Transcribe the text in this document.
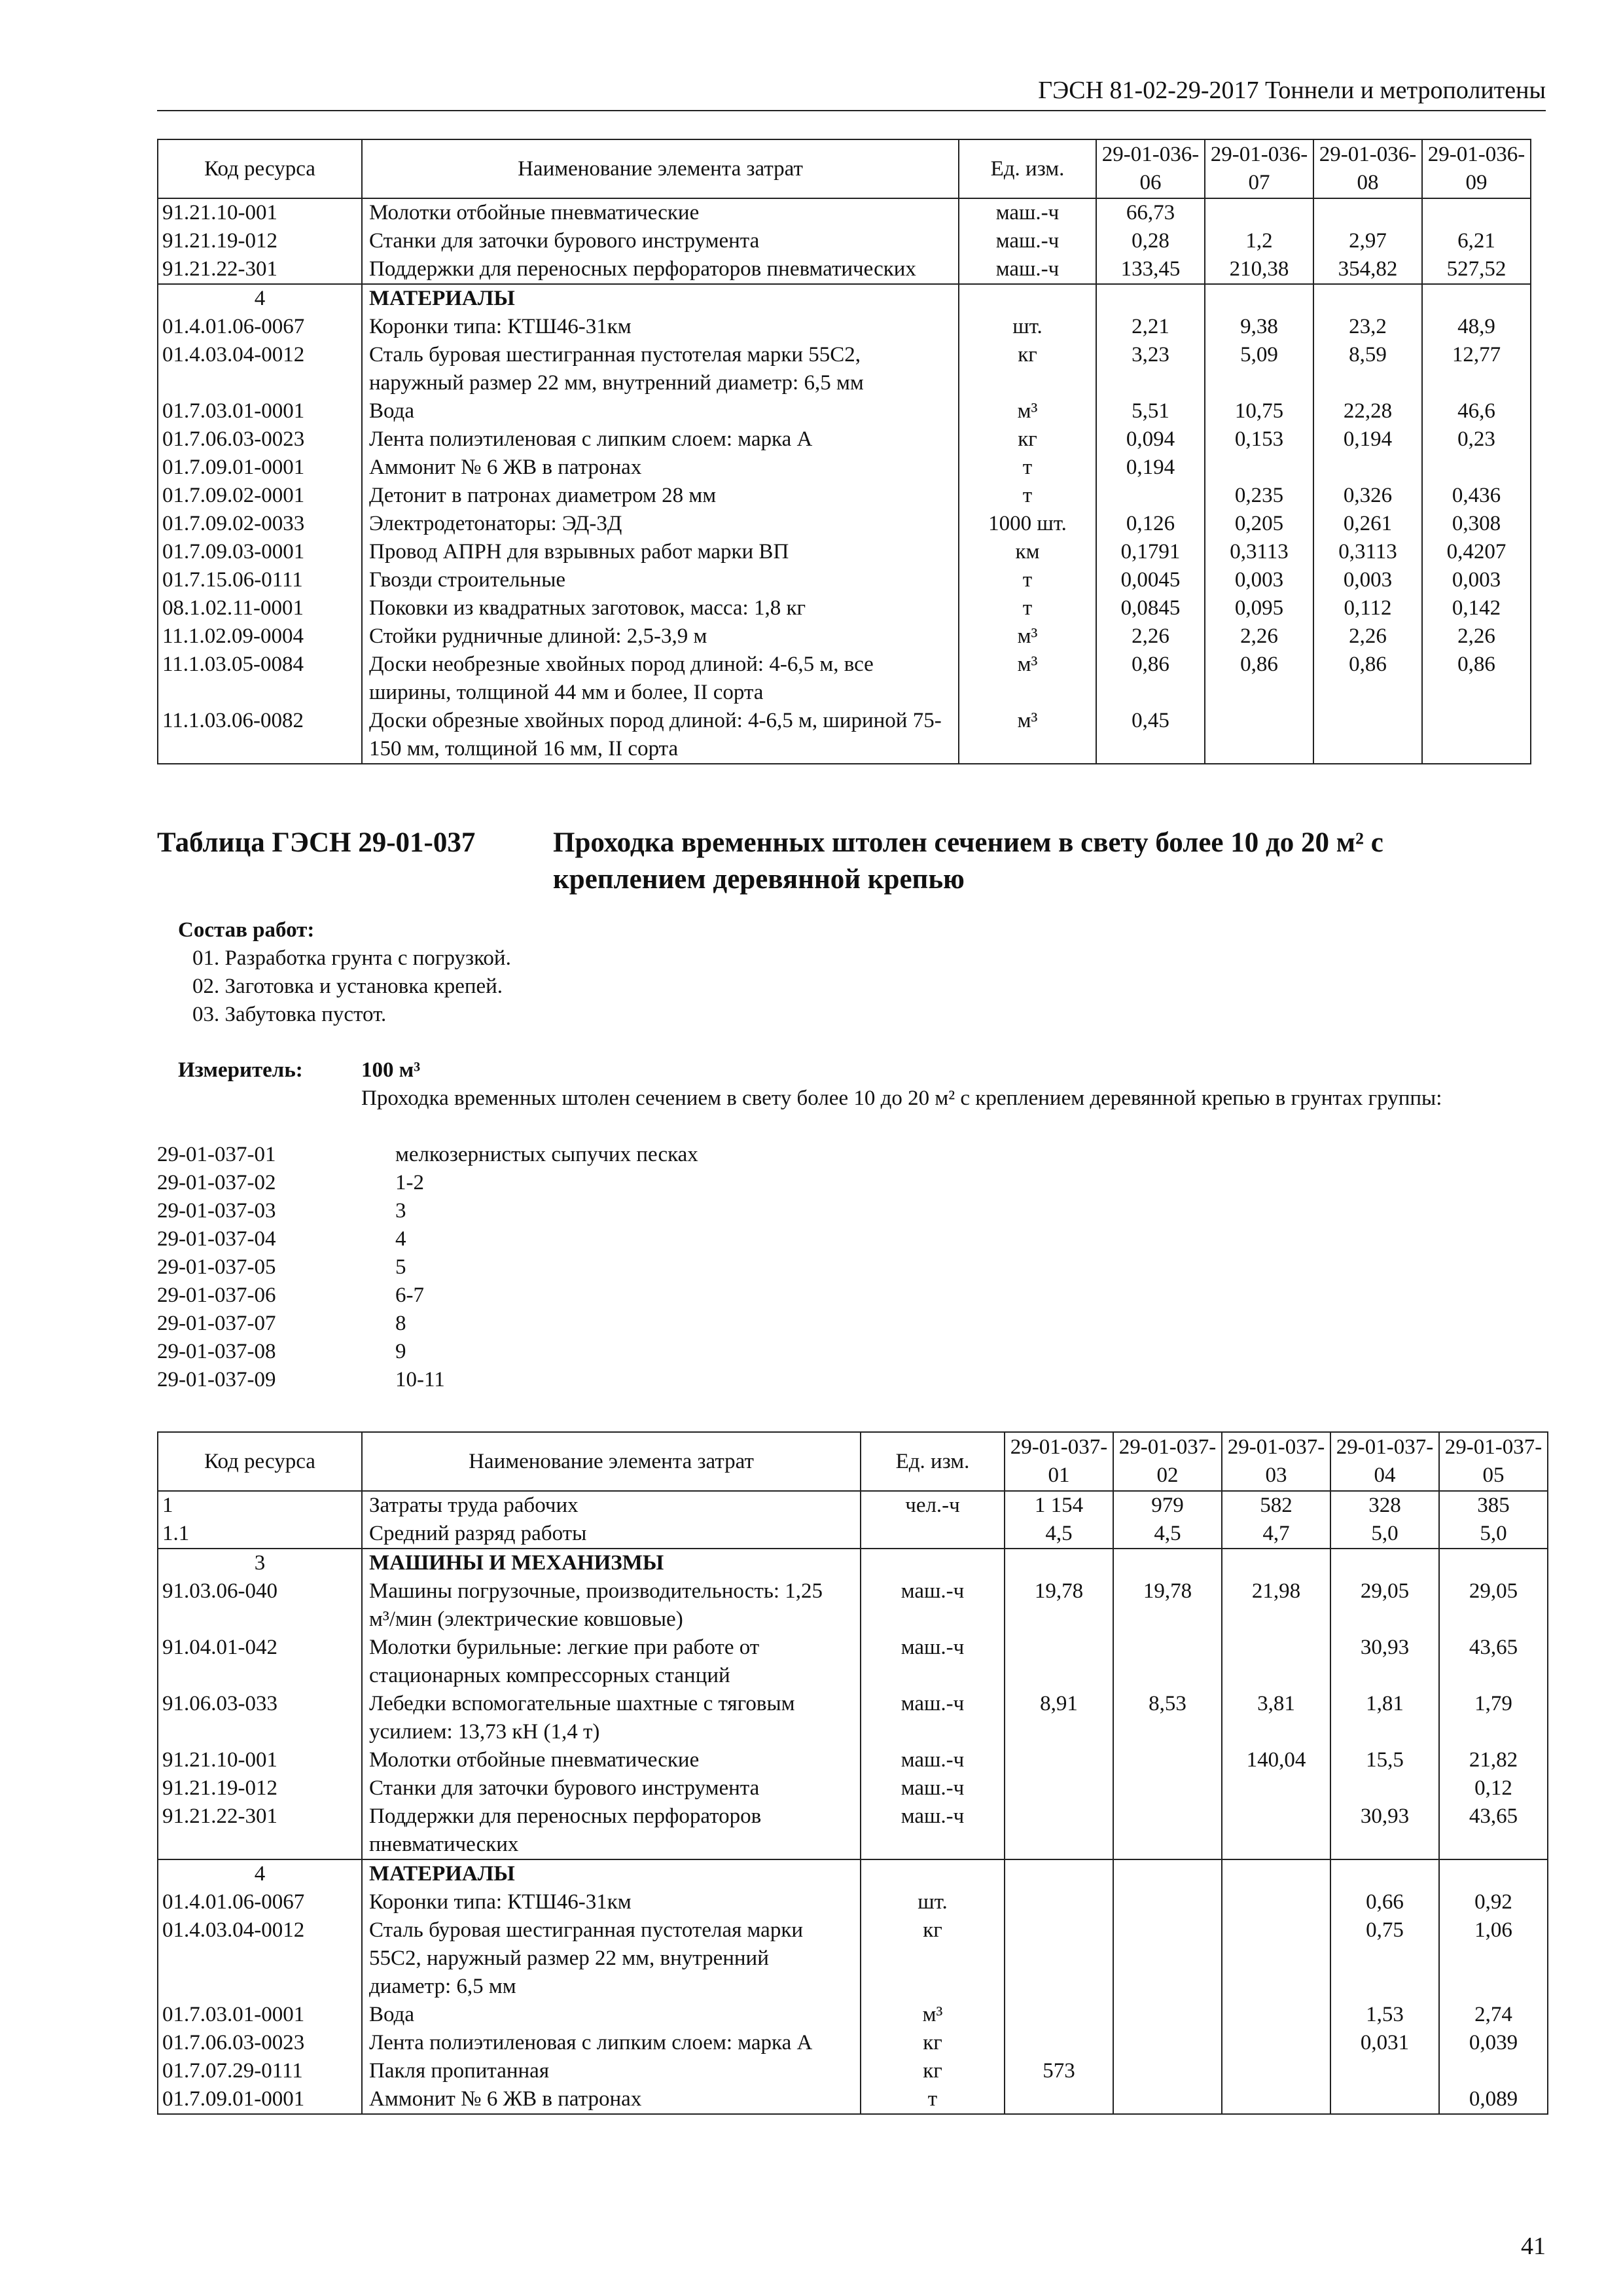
ГЭСН 81-02-29-2017 Тоннели и метрополитены
Код ресурса	Наименование элемента затрат	Ед. изм.	29-01-036-06	29-01-036-07	29-01-036-08	29-01-036-09
91.21.10-001	Молотки отбойные пневматические	маш.-ч	66,73			
91.21.19-012	Станки для заточки бурового инструмента	маш.-ч	0,28	1,2	2,97	6,21
91.21.22-301	Поддержки для переносных перфораторов пневматических	маш.-ч	133,45	210,38	354,82	527,52
4	МАТЕРИАЛЫ					
01.4.01.06-0067	Коронки типа: КТШ46-31км	шт.	2,21	9,38	23,2	48,9
01.4.03.04-0012	Сталь буровая шестигранная пустотелая марки 55С2, наружный размер 22 мм, внутренний диаметр: 6,5 мм	кг	3,23	5,09	8,59	12,77
01.7.03.01-0001	Вода	м³	5,51	10,75	22,28	46,6
01.7.06.03-0023	Лента полиэтиленовая с липким слоем: марка А	кг	0,094	0,153	0,194	0,23
01.7.09.01-0001	Аммонит № 6 ЖВ в патронах	т	0,194			
01.7.09.02-0001	Детонит в патронах диаметром 28 мм	т		0,235	0,326	0,436
01.7.09.02-0033	Электродетонаторы: ЭД-3Д	1000 шт.	0,126	0,205	0,261	0,308
01.7.09.03-0001	Провод АПРН для взрывных работ марки ВП	км	0,1791	0,3113	0,3113	0,4207
01.7.15.06-0111	Гвозди строительные	т	0,0045	0,003	0,003	0,003
08.1.02.11-0001	Поковки из квадратных заготовок, масса: 1,8 кг	т	0,0845	0,095	0,112	0,142
11.1.02.09-0004	Стойки рудничные длиной: 2,5-3,9 м	м³	2,26	2,26	2,26	2,26
11.1.03.05-0084	Доски необрезные хвойных пород длиной: 4-6,5 м, все ширины, толщиной 44 мм и более, II сорта	м³	0,86	0,86	0,86	0,86
11.1.03.06-0082	Доски обрезные хвойных пород длиной: 4-6,5 м, шириной 75-150 мм, толщиной 16 мм, II сорта	м³	0,45			
Таблица ГЭСН 29-01-037	Проходка временных штолен сечением в свету более 10 до 20 м² с креплением деревянной крепью
Состав работ:
01. Разработка грунта с погрузкой.
02. Заготовка и установка крепей.
03. Забутовка пустот.
Измеритель:	100 м³
Проходка временных штолен сечением в свету более 10 до 20 м² с креплением деревянной крепью в грунтах группы:
29-01-037-01	мелкозернистых сыпучих песках
29-01-037-02	1-2
29-01-037-03	3
29-01-037-04	4
29-01-037-05	5
29-01-037-06	6-7
29-01-037-07	8
29-01-037-08	9
29-01-037-09	10-11
Код ресурса	Наименование элемента затрат	Ед. изм.	29-01-037-01	29-01-037-02	29-01-037-03	29-01-037-04	29-01-037-05
1	Затраты труда рабочих	чел.-ч	1 154	979	582	328	385
1.1	Средний разряд работы		4,5	4,5	4,7	5,0	5,0
3	МАШИНЫ И МЕХАНИЗМЫ						
91.03.06-040	Машины погрузочные, производительность: 1,25 м³/мин (электрические ковшовые)	маш.-ч	19,78	19,78	21,98	29,05	29,05
91.04.01-042	Молотки бурильные: легкие при работе от стационарных компрессорных станций	маш.-ч				30,93	43,65
91.06.03-033	Лебедки вспомогательные шахтные с тяговым усилием: 13,73 кН (1,4 т)	маш.-ч	8,91	8,53	3,81	1,81	1,79
91.21.10-001	Молотки отбойные пневматические	маш.-ч			140,04	15,5	21,82
91.21.19-012	Станки для заточки бурового инструмента	маш.-ч					0,12
91.21.22-301	Поддержки для переносных перфораторов пневматических	маш.-ч				30,93	43,65
4	МАТЕРИАЛЫ						
01.4.01.06-0067	Коронки типа: КТШ46-31км	шт.				0,66	0,92
01.4.03.04-0012	Сталь буровая шестигранная пустотелая марки 55С2, наружный размер 22 мм, внутренний диаметр: 6,5 мм	кг				0,75	1,06
01.7.03.01-0001	Вода	м³				1,53	2,74
01.7.06.03-0023	Лента полиэтиленовая с липким слоем: марка А	кг				0,031	0,039
01.7.07.29-0111	Пакля пропитанная	кг	573				
01.7.09.01-0001	Аммонит № 6 ЖВ в патронах	т					0,089
41
